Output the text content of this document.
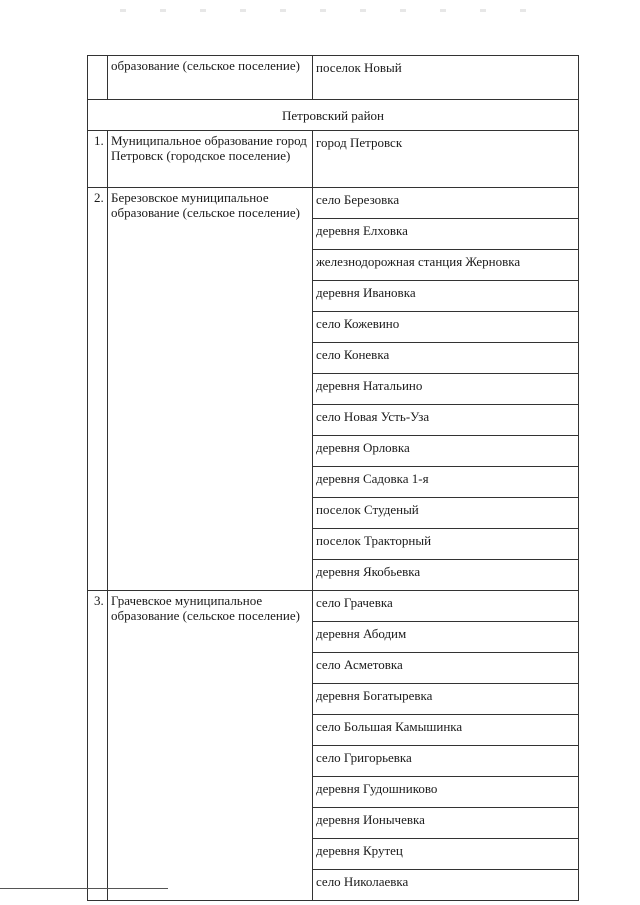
	образование (сельское поселение)	поселок Новый
Петровский район		
1.	Муниципальное образование город Петровск (городское поселение)	город Петровск
2.	Березовское муниципальное образование (сельское поселение)	село Березовка
		деревня Елховка
		железнодорожная станция Жерновка
		деревня Ивановка
		село Кожевино
		село Коневка
		деревня Натальино
		село Новая Усть-Уза
		деревня Орловка
		деревня Садовка 1-я
		поселок Студеный
		поселок Тракторный
		деревня Якобьевка
3.	Грачевское муниципальное образование (сельское поселение)	село Грачевка
		деревня Абодим
		село Асметовка
		деревня Богатыревка
		село Большая Камышинка
		село Григорьевка
		деревня Гудошниково
		деревня Ионычевка
		деревня Крутец
		село Николаевка
